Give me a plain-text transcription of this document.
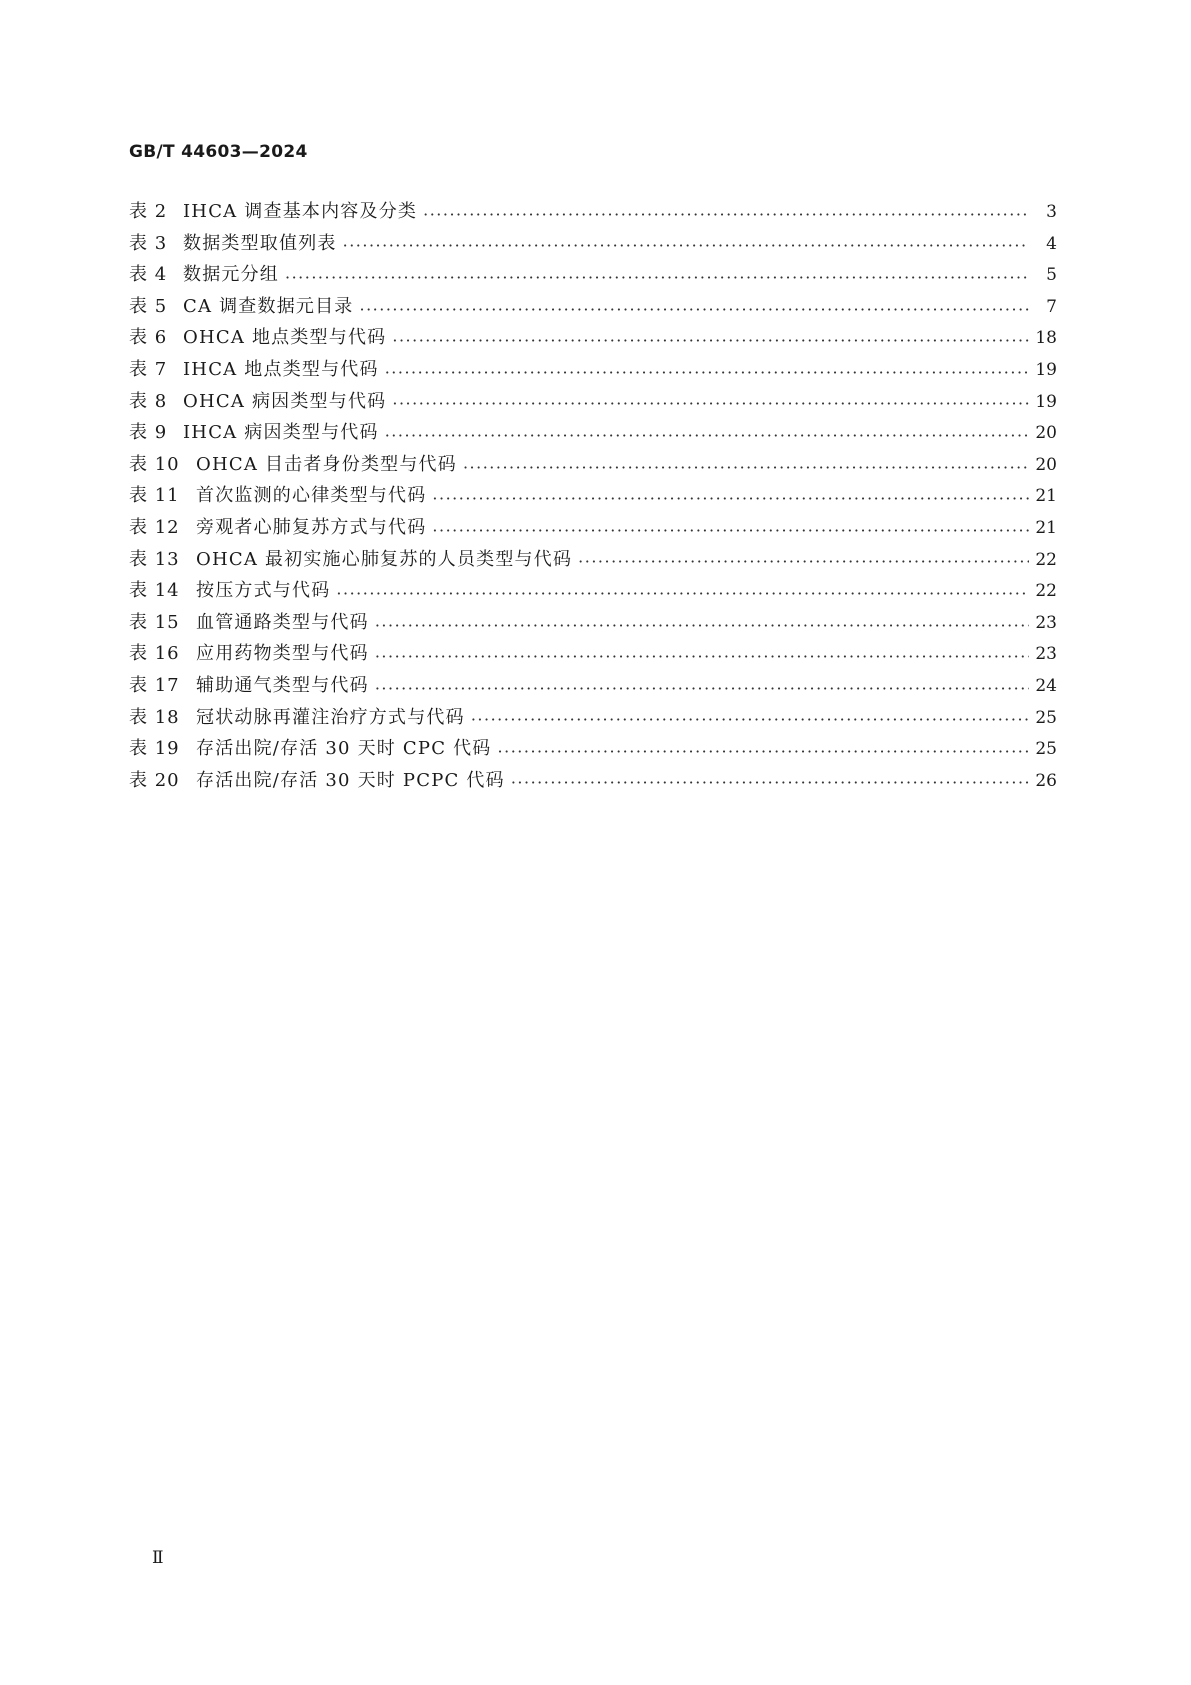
GB/T 44603—2024
表 2 IHCA 调查基本内容及分类 ·····	3
表 3 数据类型取值列表 ·····	4
表 4 数据元分组 ·····	5
表 5 CA 调查数据元目录 ·····	7
表 6 OHCA 地点类型与代码 ·····	18
表 7 IHCA 地点类型与代码 ·····	19
表 8 OHCA 病因类型与代码 ·····	19
表 9 IHCA 病因类型与代码 ·····	20
表 10 OHCA 目击者身份类型与代码 ·····	20
表 11 首次监测的心律类型与代码 ·····	21
表 12 旁观者心肺复苏方式与代码 ·····	21
表 13 OHCA 最初实施心肺复苏的人员类型与代码 ·····	22
表 14 按压方式与代码 ·····	22
表 15 血管通路类型与代码 ·····	23
表 16 应用药物类型与代码 ·····	23
表 17 辅助通气类型与代码 ·····	24
表 18 冠状动脉再灌注治疗方式与代码 ·····	25
表 19 存活出院/存活 30 天时 CPC 代码 ·····	25
表 20 存活出院/存活 30 天时 PCPC 代码 ·····	26
Ⅱ
